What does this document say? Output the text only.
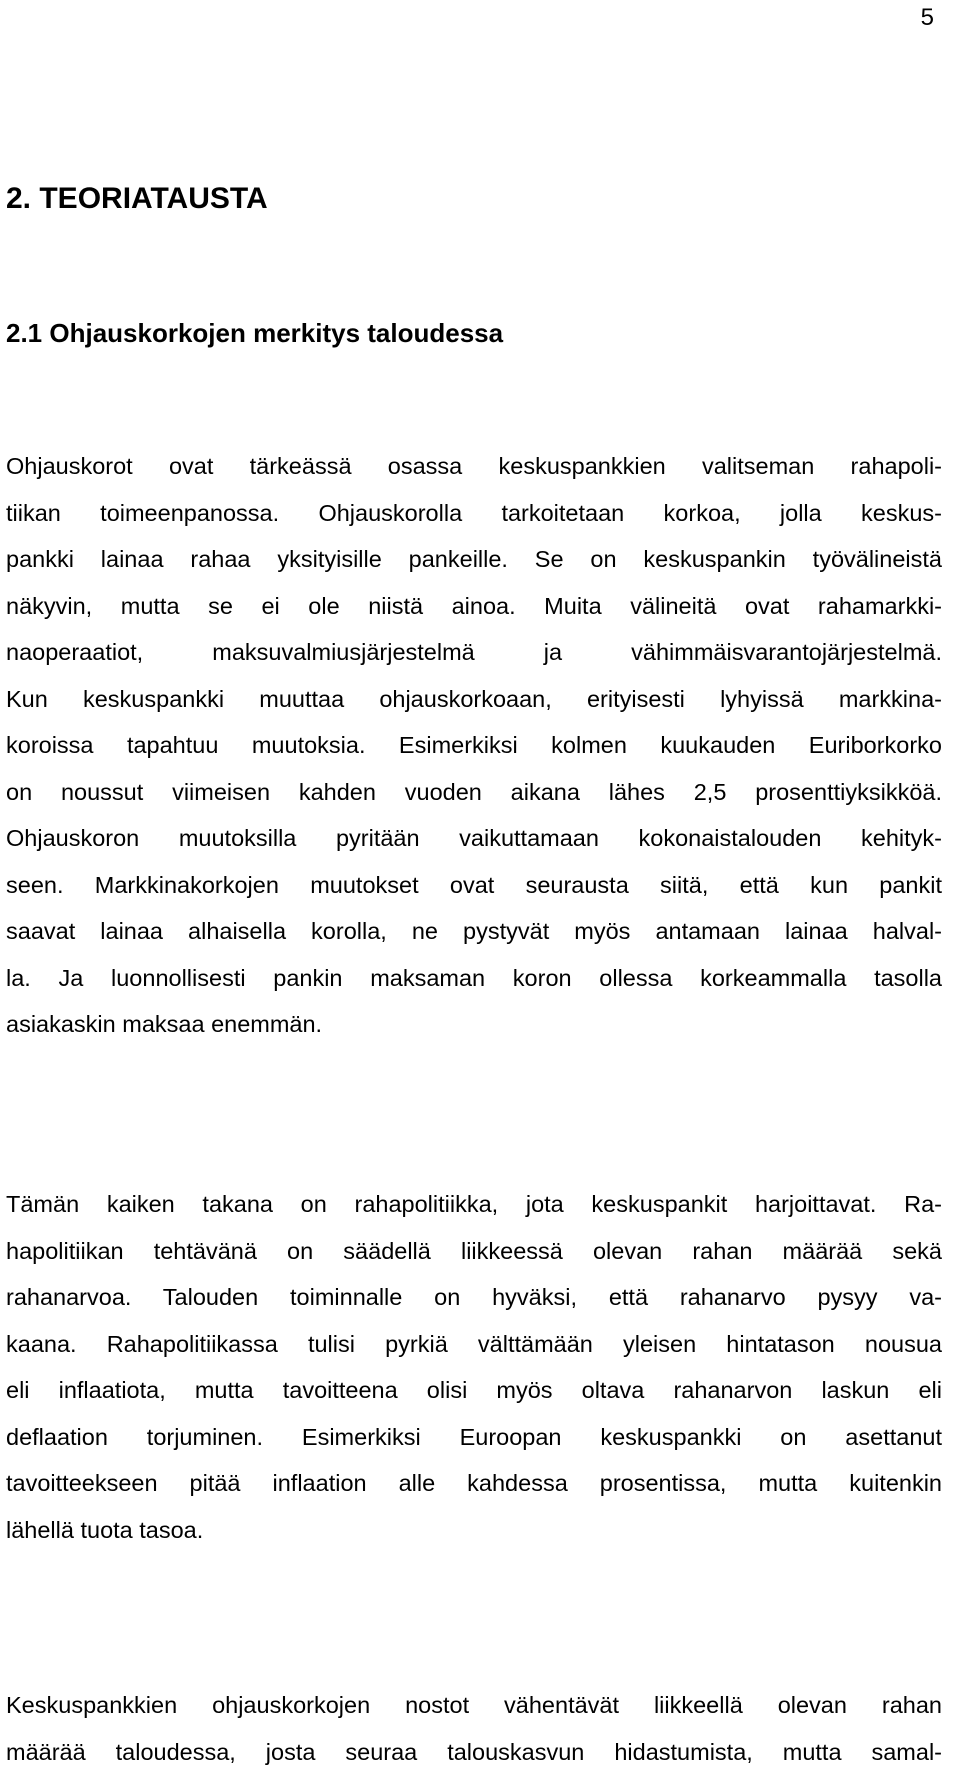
5
2. TEORIATAUSTA
2.1 Ohjauskorkojen merkitys taloudessa
Ohjauskorot ovat tärkeässä osassa keskuspankkien valitseman rahapoli-
tiikan toimeenpanossa. Ohjauskorolla tarkoitetaan korkoa, jolla keskus-
pankki lainaa rahaa yksityisille pankeille. Se on keskuspankin työvälineistä
näkyvin, mutta se ei ole niistä ainoa. Muita välineitä ovat rahamarkki-
naoperaatiot, maksuvalmiusjärjestelmä ja vähimmäisvarantojärjestelmä.
Kun keskuspankki muuttaa ohjauskorkoaan, erityisesti lyhyissä markkina-
koroissa tapahtuu muutoksia. Esimerkiksi kolmen kuukauden Euriborkorko
on noussut viimeisen kahden vuoden aikana lähes 2,5 prosenttiyksikköä.
Ohjauskoron muutoksilla pyritään vaikuttamaan kokonaistalouden kehityk-
seen. Markkinakorkojen muutokset ovat seurausta siitä, että kun pankit
saavat lainaa alhaisella korolla, ne pystyvät myös antamaan lainaa halval-
la. Ja luonnollisesti pankin maksaman koron ollessa korkeammalla tasolla
asiakaskin maksaa enemmän.
Tämän kaiken takana on rahapolitiikka, jota keskuspankit harjoittavat. Ra-
hapolitiikan tehtävänä on säädellä liikkeessä olevan rahan määrää sekä
rahanarvoa. Talouden toiminnalle on hyväksi, että rahanarvo pysyy va-
kaana. Rahapolitiikassa tulisi pyrkiä välttämään yleisen hintatason nousua
eli inflaatiota, mutta tavoitteena olisi myös oltava rahanarvon laskun eli
deflaation torjuminen. Esimerkiksi Euroopan keskuspankki on asettanut
tavoitteekseen pitää inflaation alle kahdessa prosentissa, mutta kuitenkin
lähellä tuota tasoa.
Keskuspankkien ohjauskorkojen nostot vähentävät liikkeellä olevan rahan
määrää taloudessa, josta seuraa talouskasvun hidastumista, mutta samal-
